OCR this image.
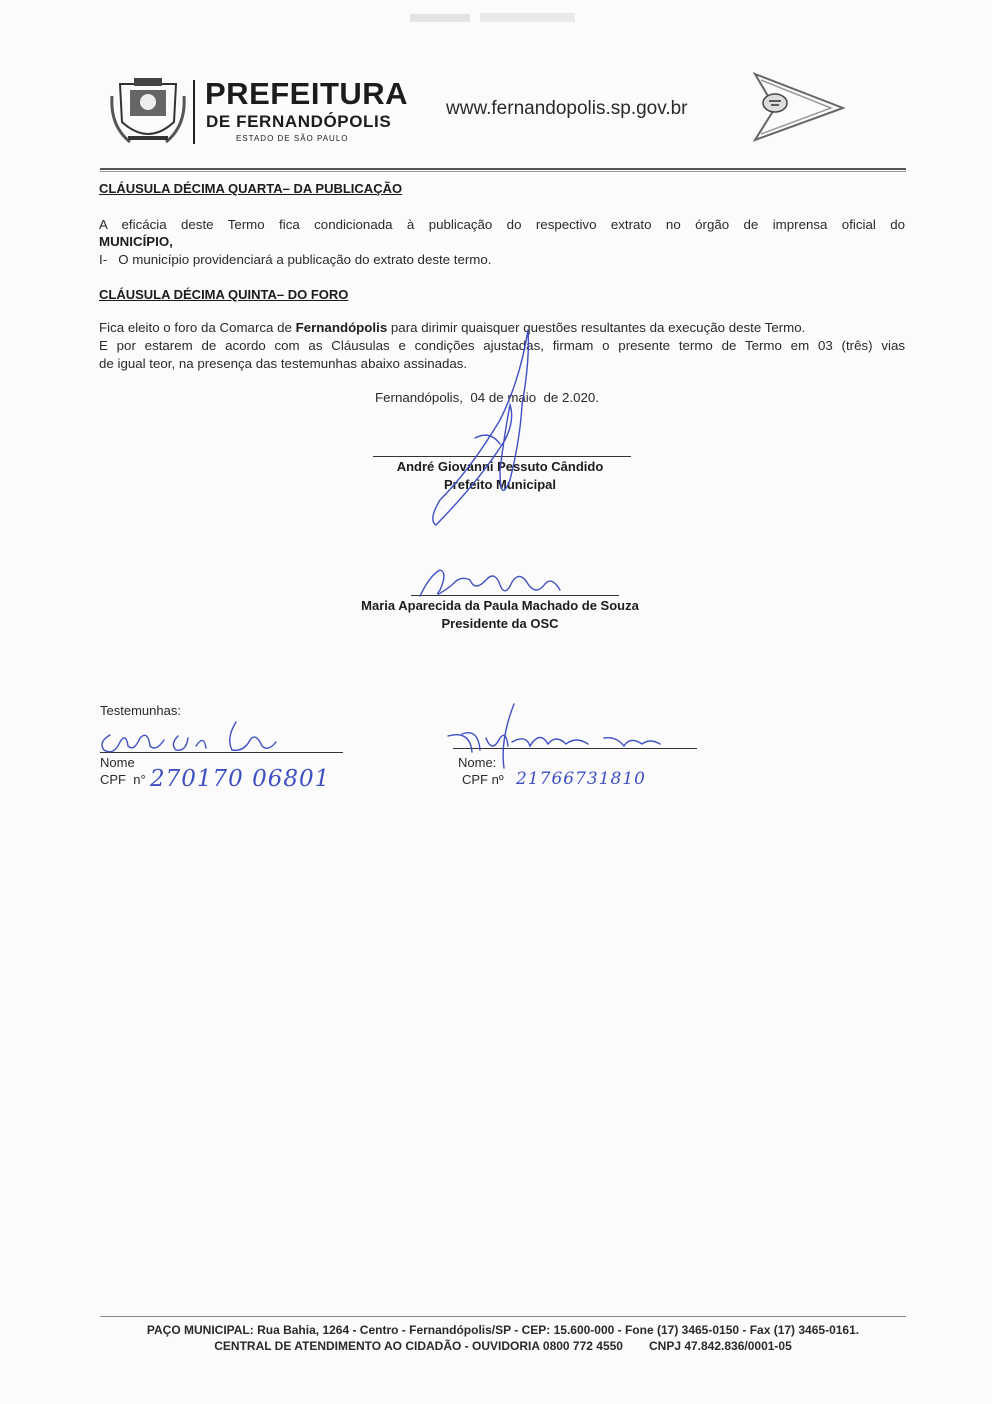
PREFEITURA
DE FERNANDÓPOLIS
ESTADO DE SÃO PAULO
www.fernandopolis.sp.gov.br
CLÁUSULA DÉCIMA QUARTA– DA PUBLICAÇÃO
A eficácia deste Termo fica condicionada à publicação do respectivo extrato no órgão de imprensa oficial do
MUNICÍPIO,
I-   O município providenciará a publicação do extrato deste termo.
CLÁUSULA DÉCIMA QUINTA– DO FORO
Fica eleito o foro da Comarca de Fernandópolis para dirimir quaisquer questões resultantes da execução deste Termo.
E por estarem de acordo com as Cláusulas e condições ajustadas, firmam o presente termo de Termo em 03 (três) vias
de igual teor, na presença das testemunhas abaixo assinadas.
Fernandópolis,  04 de maio  de 2.020.
André Giovanni Pessuto Cândido
Prefeito Municipal
Maria Aparecida da Paula Machado de Souza
Presidente da OSC
Testemunhas:
Nome
CPF  n° 270170 06801
Nome:
CPF nº 21766731810
PAÇO MUNICIPAL: Rua Bahia, 1264 - Centro - Fernandópolis/SP - CEP: 15.600-000 - Fone (17) 3465-0150 - Fax (17) 3465-0161.
CENTRAL DE ATENDIMENTO AO CIDADÃO - OUVIDORIA 0800 772 4550 CNPJ 47.842.836/0001-05
